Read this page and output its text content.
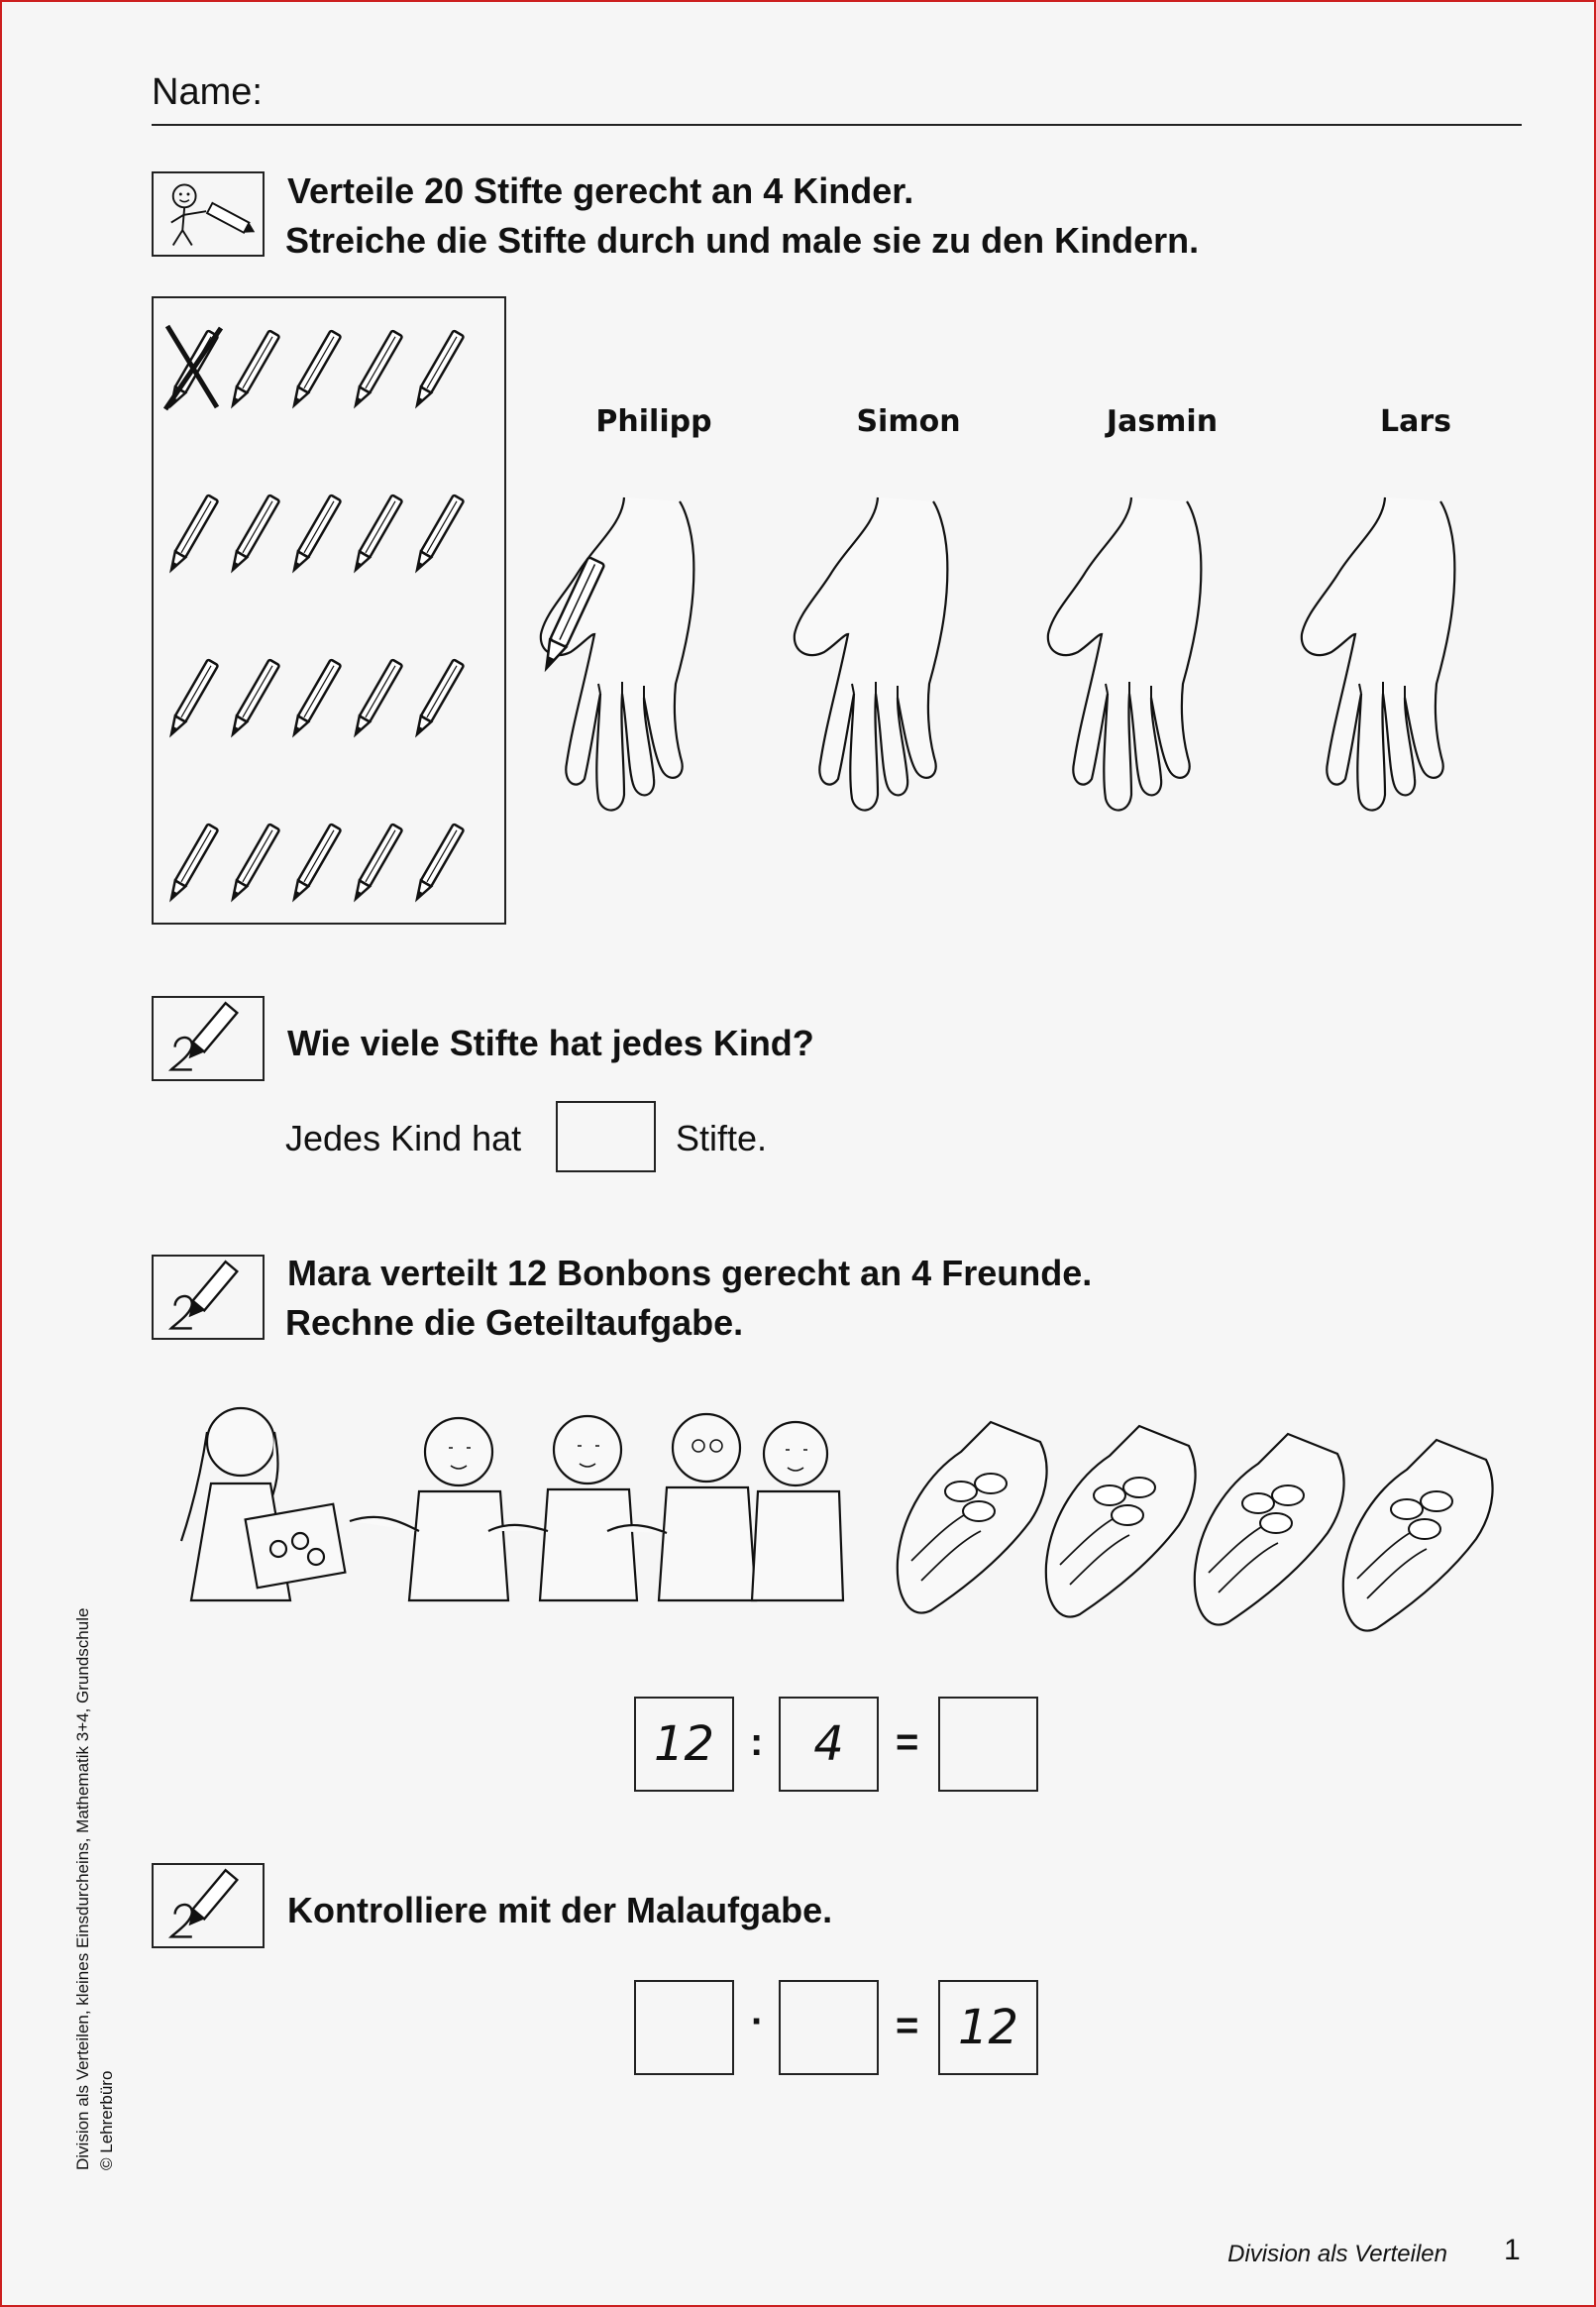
Name:
Verteile 20 Stifte gerecht an 4 Kinder.
Streiche die Stifte durch und male sie zu den Kindern.
Philipp	Simon	Jasmin	Lars
Wie viele Stifte hat jedes Kind?
Jedes Kind hat	Stifte.
Mara verteilt 12 Bonbons gerecht an 4 Freunde.
Rechne die Geteiltaufgabe.
12 :	4	=
Kontrolliere mit der Malaufgabe.
·	= 12
Division als Verteilen 1
Division als Verteilen, kleines Einsdurcheins, Mathematik 3+4, Grundschule © Lehrerbüro
